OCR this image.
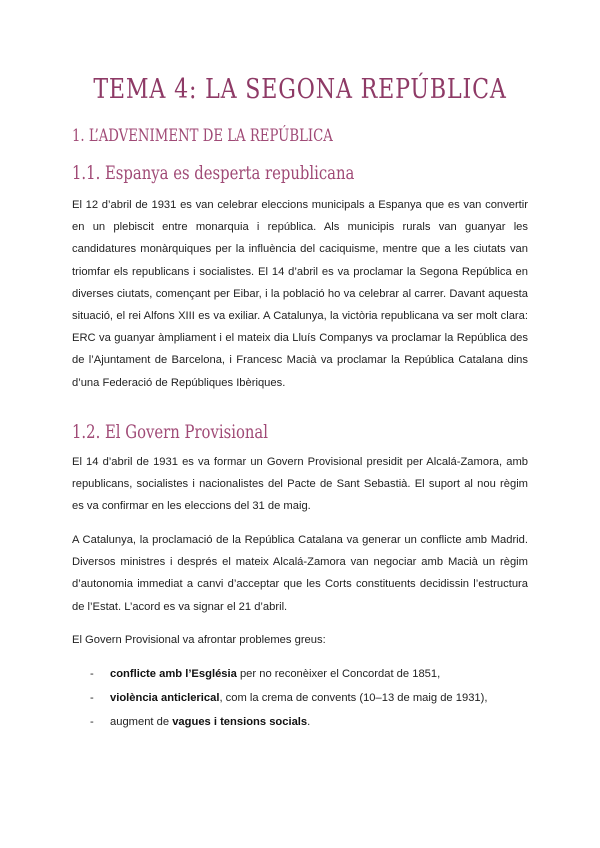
TEMA 4: LA SEGONA REPÚBLICA
1. L’ADVENIMENT DE LA REPÚBLICA
1.1. Espanya es desperta republicana

El 12 d’abril de 1931 es van celebrar eleccions municipals a Espanya que es van convertir en un plebiscit entre monarquia i república. Als municipis rurals van guanyar les candidatures monàrquiques per la influència del caciquisme, mentre que a les ciutats van triomfar els republicans i socialistes. El 14 d’abril es va proclamar la Segona República en diverses ciutats, començant per Eibar, i la població ho va celebrar al carrer. Davant aquesta situació, el rei Alfons XIII es va exiliar. A Catalunya, la victòria republicana va ser molt clara: ERC va guanyar àmpliament i el mateix dia Lluís Companys va proclamar la República des de l’Ajuntament de Barcelona, i Francesc Macià va proclamar la República Catalana dins d’una Federació de Repúbliques Ibèriques.

1.2. El Govern Provisional

El 14 d’abril de 1931 es va formar un Govern Provisional presidit per Alcalá-Zamora, amb republicans, socialistes i nacionalistes del Pacte de Sant Sebastià. El suport al nou règim es va confirmar en les eleccions del 31 de maig.

A Catalunya, la proclamació de la República Catalana va generar un conflicte amb Madrid. Diversos ministres i després el mateix Alcalá-Zamora van negociar amb Macià un règim d’autonomia immediat a canvi d’acceptar que les Corts constituents decidissin l’estructura de l’Estat. L’acord es va signar el 21 d’abril.

El Govern Provisional va afrontar problemes greus:

- conflicte amb l’Església per no reconèixer el Concordat de 1851,
- violència anticlerical, com la crema de convents (10–13 de maig de 1931),
- augment de vagues i tensions socials.
